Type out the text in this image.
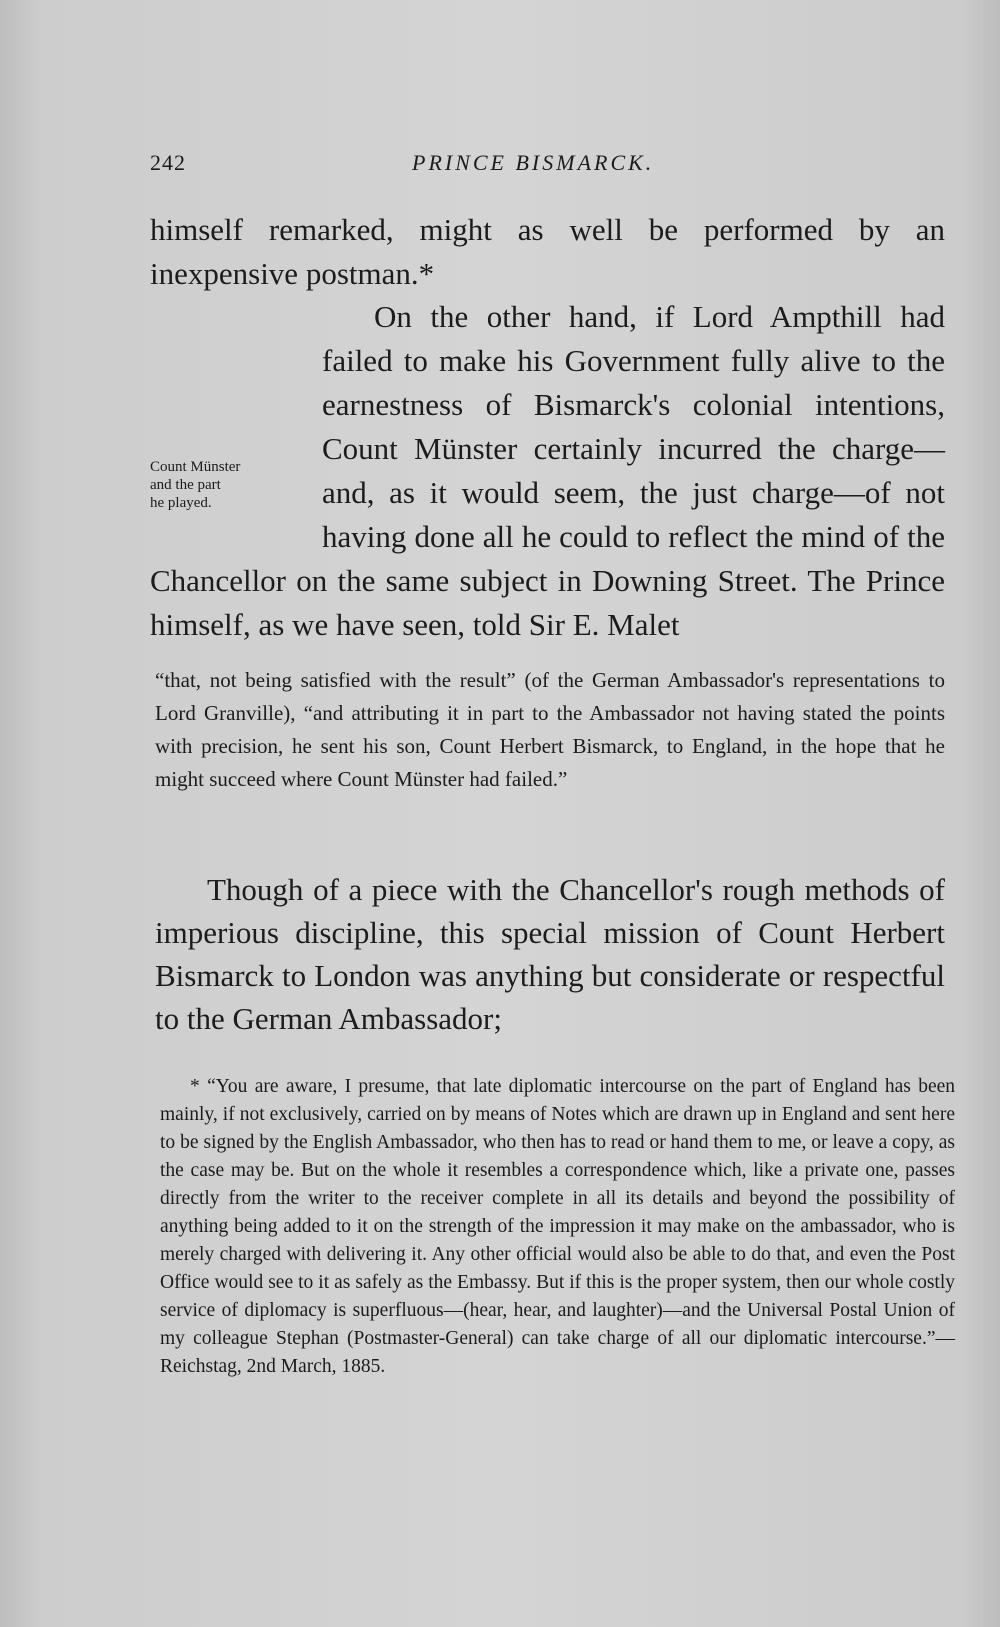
242	PRINCE BISMARCK.
himself remarked, might as well be performed by an inexpensive postman.*

On the other hand, if Lord Ampthill had failed to make his Government fully alive to the earnestness of Bismarck's colonial intentions, Count Münster certainly incurred the charge—and, as it would seem, the just charge—of not having done all he could to reflect the mind of the Chancellor on the same subject in Downing Street. The Prince himself, as we have seen, told Sir E. Malet

Count Münster
and the part
he played.
“that, not being satisfied with the result” (of the German Ambassador's representations to Lord Granville), “and attributing it in part to the Ambassador not having stated the points with precision, he sent his son, Count Herbert Bismarck, to England, in the hope that he might succeed where Count Münster had failed.”

Though of a piece with the Chancellor's rough methods of imperious discipline, this special mission of Count Herbert Bismarck to London was anything but considerate or respectful to the German Ambassador;

* “You are aware, I presume, that late diplomatic intercourse on the part of England has been mainly, if not exclusively, carried on by means of Notes which are drawn up in England and sent here to be signed by the English Ambassador, who then has to read or hand them to me, or leave a copy, as the case may be. But on the whole it resembles a correspondence which, like a private one, passes directly from the writer to the receiver complete in all its details and beyond the possibility of anything being added to it on the strength of the impression it may make on the ambassador, who is merely charged with delivering it. Any other official would also be able to do that, and even the Post Office would see to it as safely as the Embassy. But if this is the proper system, then our whole costly service of diplomacy is superfluous—(hear, hear, and laughter)—and the Universal Postal Union of my colleague Stephan (Postmaster-General) can take charge of all our diplomatic intercourse.”—Reichstag, 2nd March, 1885.
